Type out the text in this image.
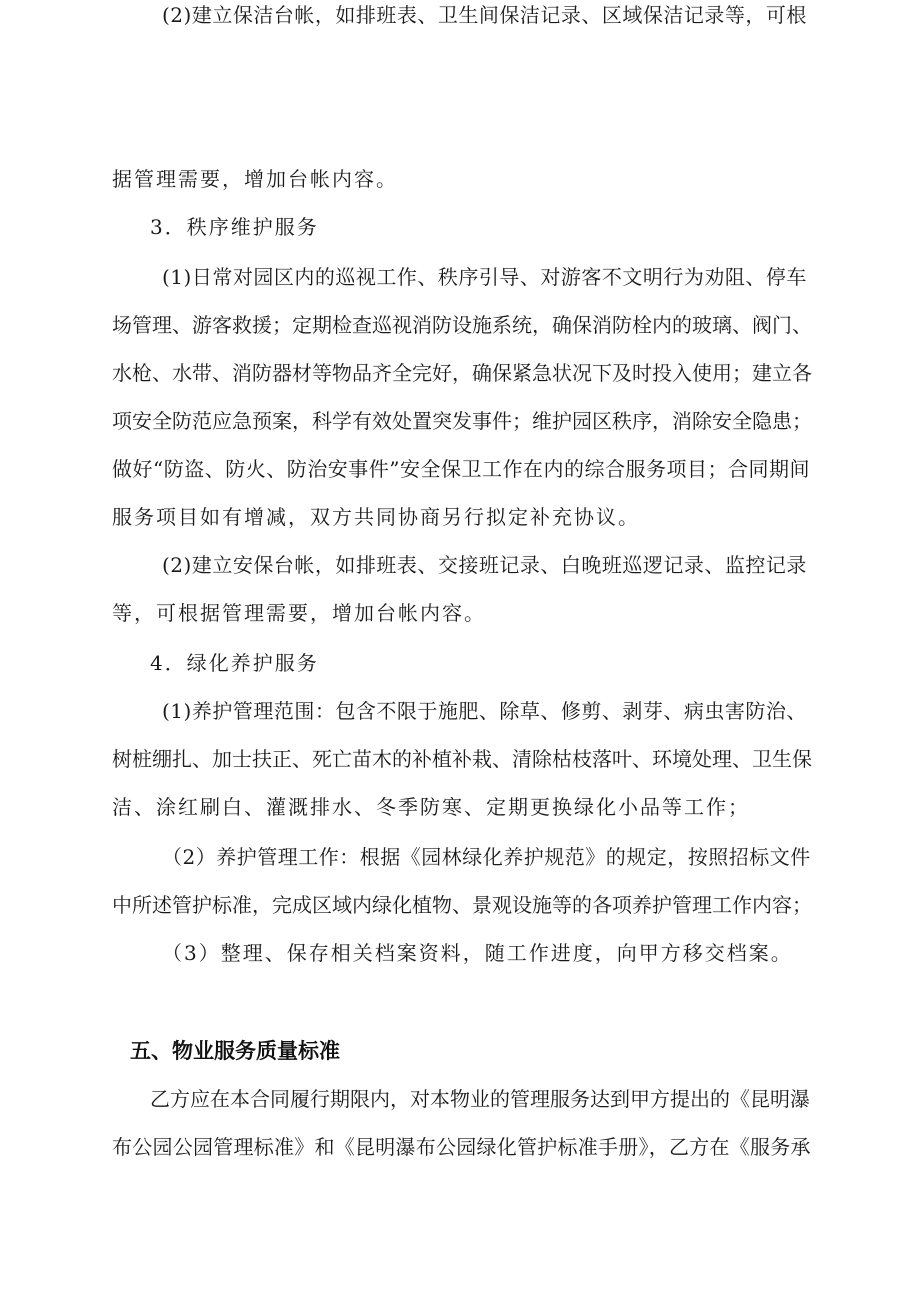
(2)建立保洁台帐，如排班表、卫生间保洁记录、区域保洁记录等，可根
据管理需要，增加台帐内容。
3．秩序维护服务
(1)日常对园区内的巡视工作、秩序引导、对游客不文明行为劝阻、停车
场管理、游客救援；定期检查巡视消防设施系统，确保消防栓内的玻璃、阀门、
水枪、水带、消防器材等物品齐全完好，确保紧急状况下及时投入使用；建立各
项安全防范应急预案，科学有效处置突发事件；维护园区秩序，消除安全隐患；
做好“防盗、防火、防治安事件”安全保卫工作在内的综合服务项目；合同期间
服务项目如有增减，双方共同协商另行拟定补充协议。
(2)建立安保台帐，如排班表、交接班记录、白晚班巡逻记录、监控记录
等，可根据管理需要，增加台帐内容。
4．绿化养护服务
(1)养护管理范围：包含不限于施肥、除草、修剪、剥芽、病虫害防治、
树桩绷扎、加士扶正、死亡苗木的补植补栽、清除枯枝落叶、环境处理、卫生保
洁、涂红刷白、灌溉排水、冬季防寒、定期更换绿化小品等工作；
（2）养护管理工作：根据《园林绿化养护规范》的规定，按照招标文件
中所述管护标准，完成区域内绿化植物、景观设施等的各项养护管理工作内容；
（3）整理、保存相关档案资料，随工作进度，向甲方移交档案。
五、物业服务质量标准
乙方应在本合同履行期限内，对本物业的管理服务达到甲方提出的《昆明瀑
布公园公园管理标准》和《昆明瀑布公园绿化管护标准手册》，乙方在《服务承
